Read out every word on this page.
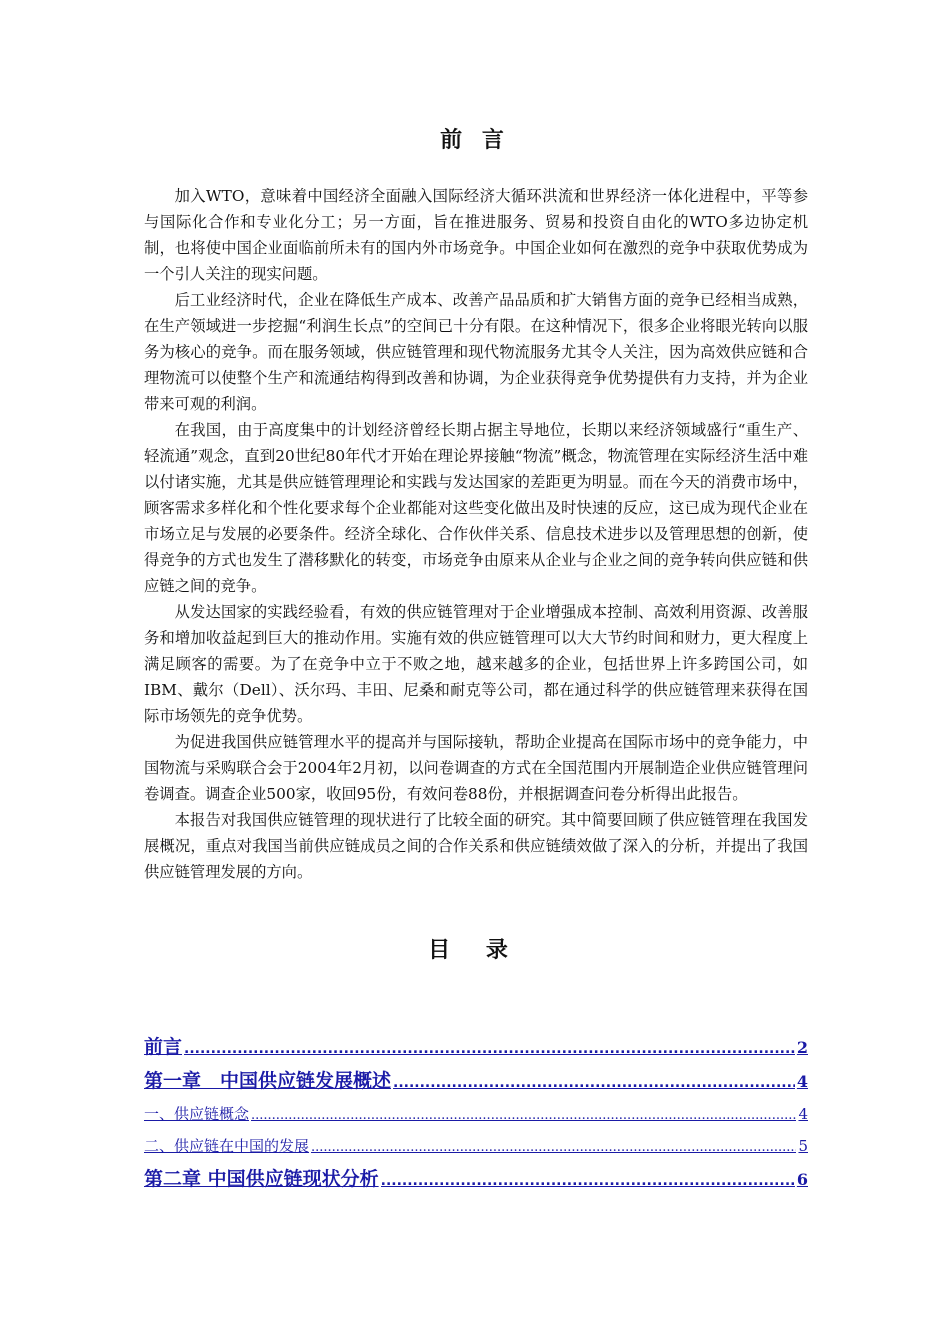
前 言

加入WTO，意味着中国经济全面融入国际经济大循环洪流和世界经济一体化进程中，平等参与国际化合作和专业化分工；另一方面，旨在推进服务、贸易和投资自由化的WTO多边协定机制，也将使中国企业面临前所未有的国内外市场竞争。中国企业如何在激烈的竞争中获取优势成为一个引人关注的现实问题。

后工业经济时代，企业在降低生产成本、改善产品品质和扩大销售方面的竞争已经相当成熟，在生产领域进一步挖掘“利润生长点”的空间已十分有限。在这种情况下，很多企业将眼光转向以服务为核心的竞争。而在服务领域，供应链管理和现代物流服务尤其令人关注，因为高效供应链和合理物流可以使整个生产和流通结构得到改善和协调，为企业获得竞争优势提供有力支持，并为企业带来可观的利润。

在我国，由于高度集中的计划经济曾经长期占据主导地位，长期以来经济领域盛行“重生产、轻流通”观念，直到20世纪80年代才开始在理论界接触“物流”概念，物流管理在实际经济生活中难以付诸实施，尤其是供应链管理理论和实践与发达国家的差距更为明显。而在今天的消费市场中，顾客需求多样化和个性化要求每个企业都能对这些变化做出及时快速的反应，这已成为现代企业在市场立足与发展的必要条件。经济全球化、合作伙伴关系、信息技术进步以及管理思想的创新，使得竞争的方式也发生了潜移默化的转变，市场竞争由原来从企业与企业之间的竞争转向供应链和供应链之间的竞争。

从发达国家的实践经验看，有效的供应链管理对于企业增强成本控制、高效利用资源、改善服务和增加收益起到巨大的推动作用。实施有效的供应链管理可以大大节约时间和财力，更大程度上满足顾客的需要。为了在竞争中立于不败之地，越来越多的企业，包括世界上许多跨国公司，如IBM、戴尔（Dell）、沃尔玛、丰田、尼桑和耐克等公司，都在通过科学的供应链管理来获得在国际市场领先的竞争优势。

为促进我国供应链管理水平的提高并与国际接轨，帮助企业提高在国际市场中的竞争能力，中国物流与采购联合会于2004年2月初，以问卷调查的方式在全国范围内开展制造企业供应链管理问卷调查。调查企业500家，收回95份，有效问卷88份，并根据调查问卷分析得出此报告。

本报告对我国供应链管理的现状进行了比较全面的研究。其中简要回顾了供应链管理在我国发展概况，重点对我国当前供应链成员之间的合作关系和供应链绩效做了深入的分析，并提出了我国供应链管理发展的方向。

目 录
前言 .....	2
第一章　中国供应链发展概述 .....	4
一、供应链概念 .....	4
二、供应链在中国的发展 .....	5
第二章 中国供应链现状分析 .....	6
